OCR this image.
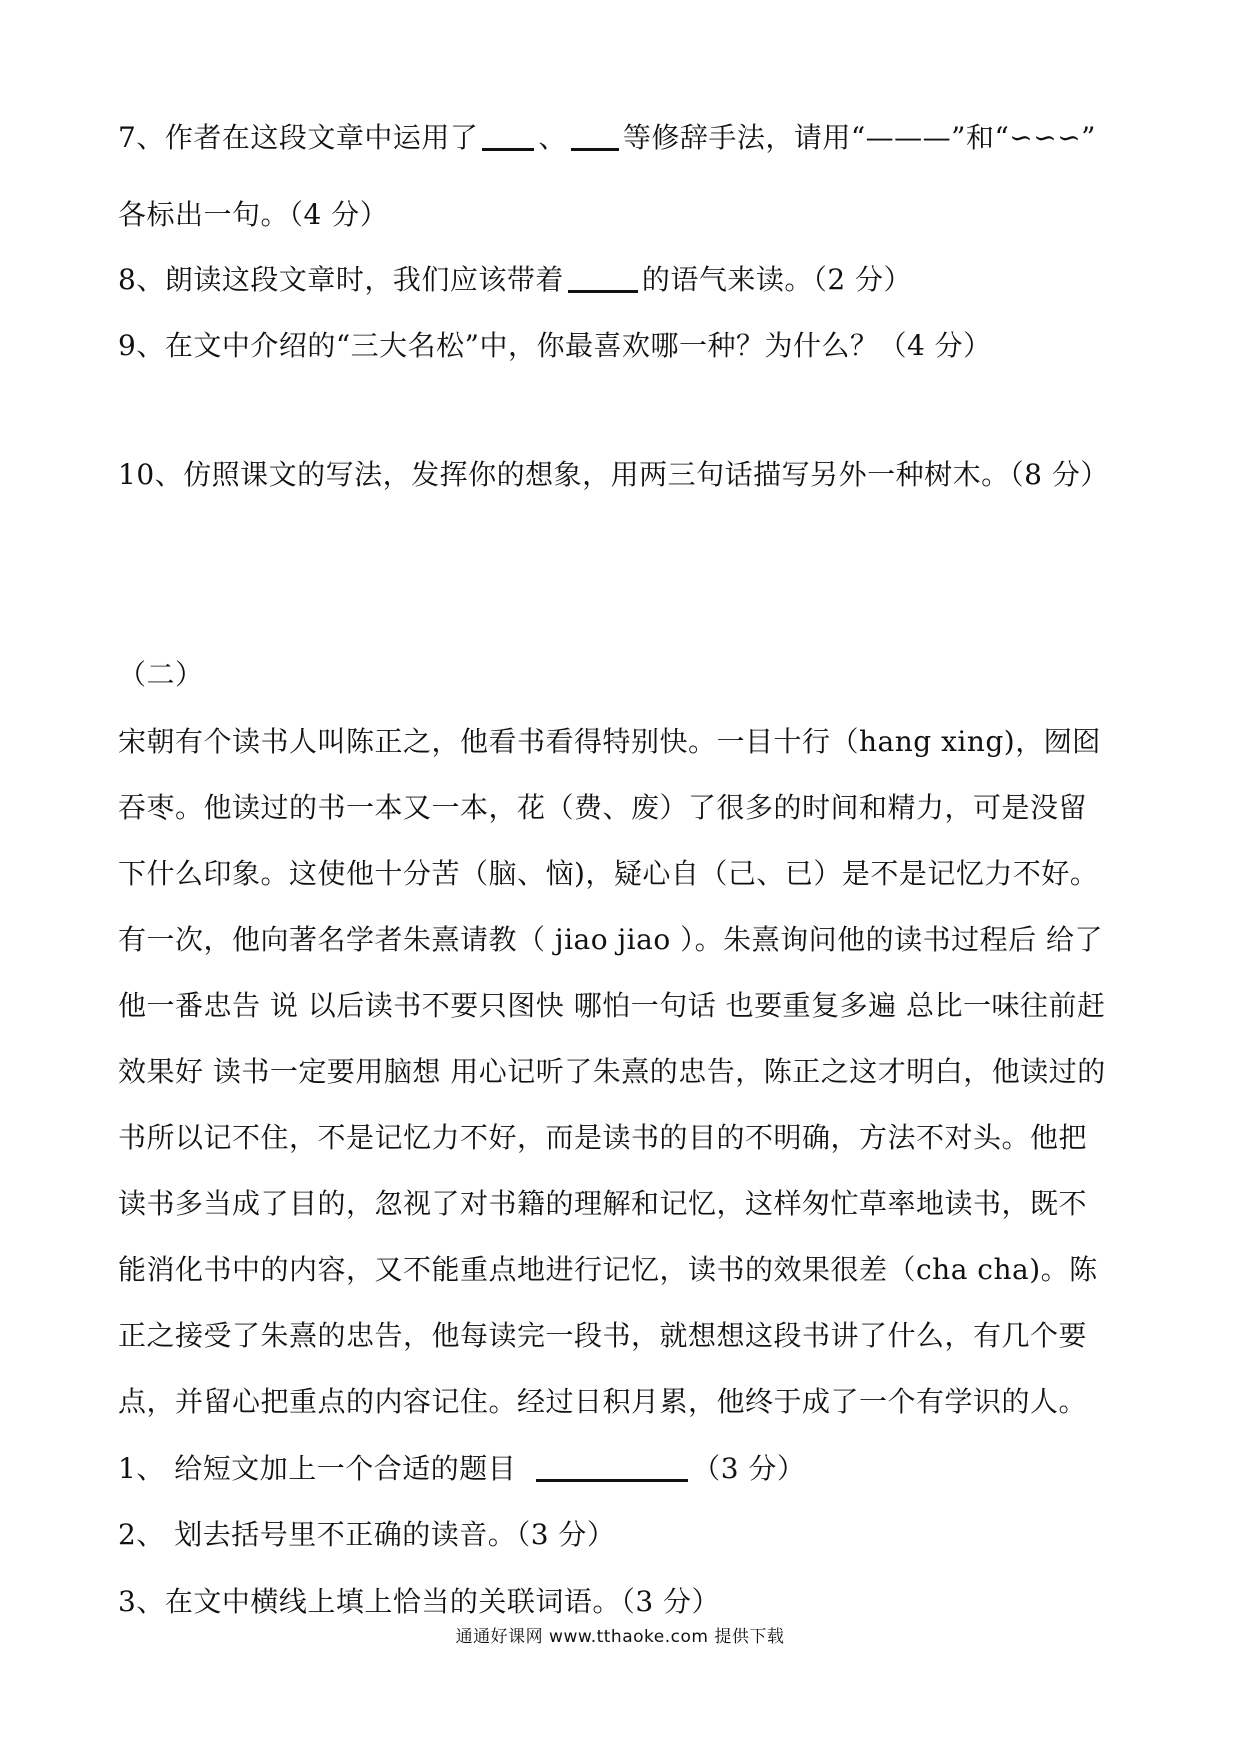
7、作者在这段文章中运用了 、 等修辞手法，请用“———”和“∽∽∽”
各标出一句。（4 分）
8、朗读这段文章时，我们应该带着	的语气来读。（2 分）
9、在文中介绍的“三大名松”中，你最喜欢哪一种？为什么？（4 分）
10、仿照课文的写法，发挥你的想象，用两三句话描写另外一种树木。（8 分）
（二）
宋朝有个读书人叫陈正之，他看书看得特别快。一目十行（hang xing)，囫囵
吞枣。他读过的书一本又一本，花（费、废）了很多的时间和精力，可是没留
下什么印象。这使他十分苦（脑、恼)，疑心自（己、已）是不是记忆力不好。
有一次，他向著名学者朱熹请教（ jiao jiao ）。朱熹询问他的读书过程后 给了
他一番忠告 说 以后读书不要只图快 哪怕一句话 也要重复多遍 总比一味往前赶
效果好 读书一定要用脑想 用心记听了朱熹的忠告，陈正之这才明白，他读过的
书所以记不住，不是记忆力不好，而是读书的目的不明确，方法不对头。他把
读书多当成了目的，忽视了对书籍的理解和记忆，这样匆忙草率地读书，既不
能消化书中的内容，又不能重点地进行记忆，读书的效果很差（cha cha)。陈
正之接受了朱熹的忠告，他每读完一段书，就想想这段书讲了什么，有几个要
点，并留心把重点的内容记住。经过日积月累，他终于成了一个有学识的人。
1、 给短文加上一个合适的题目	（3 分）
2、 划去括号里不正确的读音。（3 分）
3、在文中横线上填上恰当的关联词语。（3 分）
通通好课网 www.tthaoke.com 提供下载
